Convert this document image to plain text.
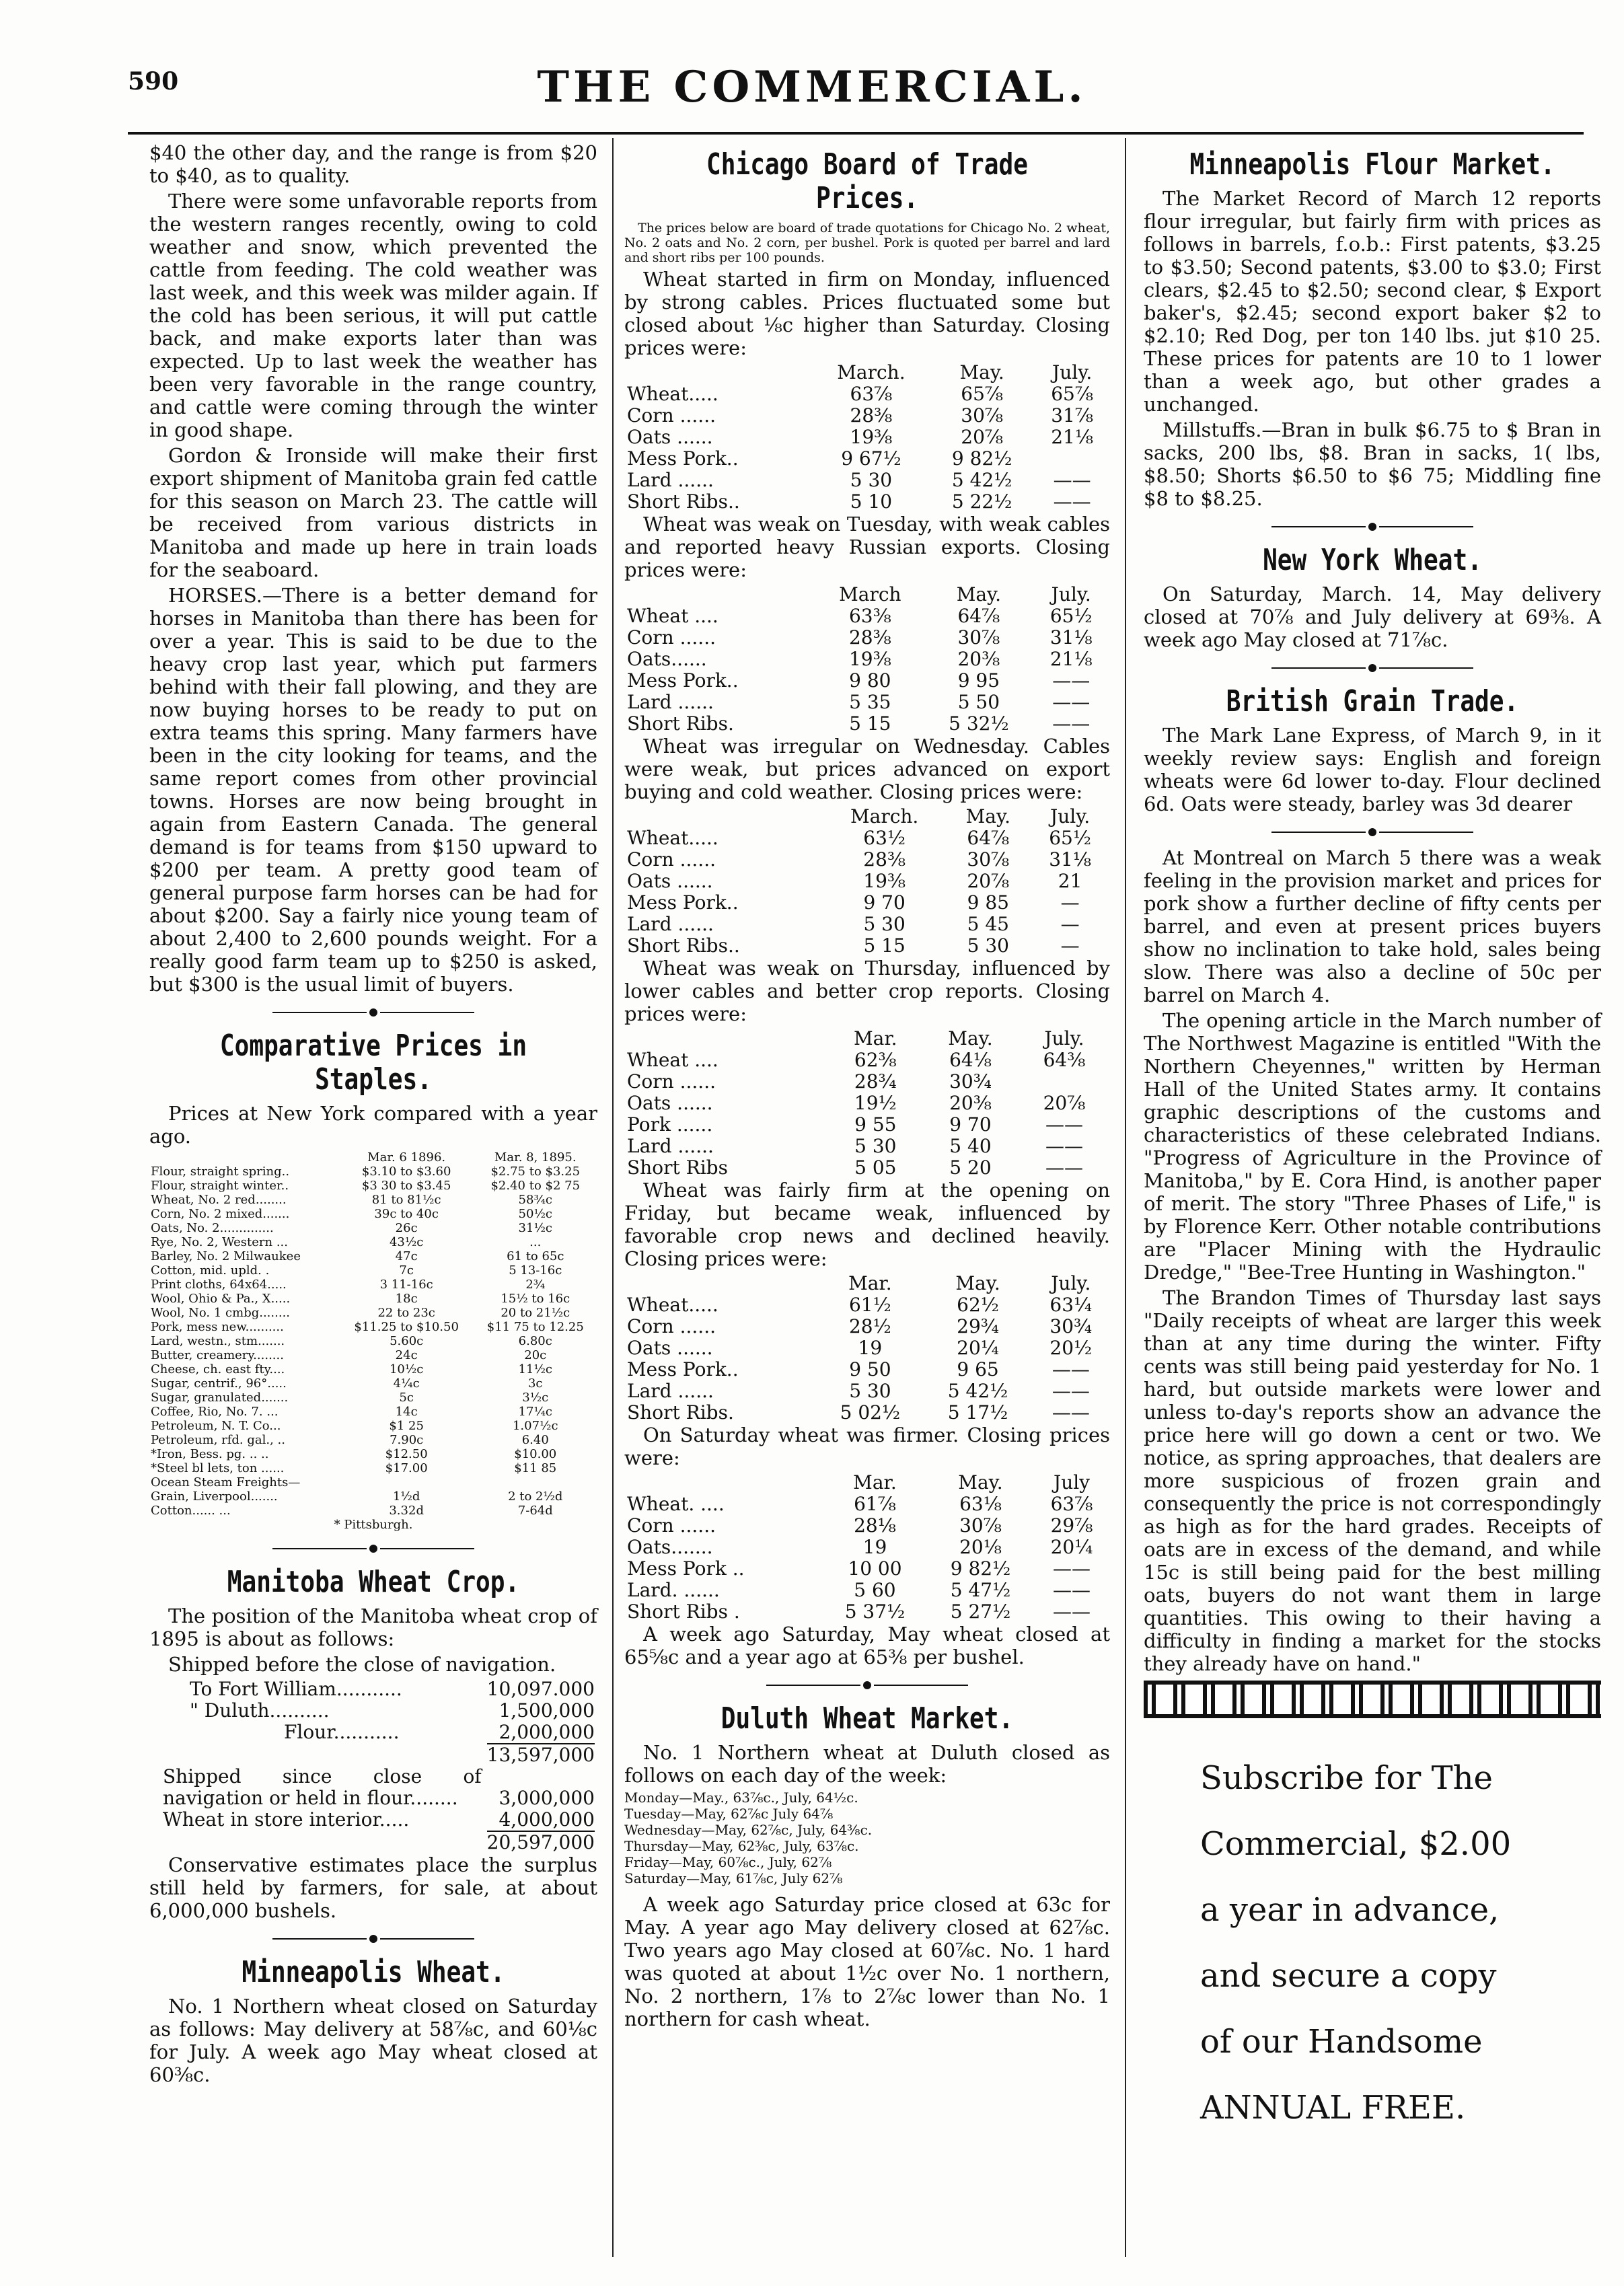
590	THE COMMERCIAL.

$40 the other day, and the range is from $20 to $40, as to quality.

There were some unfavorable reports from the western ranges recently, owing to cold weather and snow, which prevented the cattle from feeding. The cold weather was last week, and this week was milder again. If the cold has been serious, it will put cattle back, and make exports later than was expected. Up to last week the weather has been very favorable in the range country, and cattle were coming through the winter in good shape.

Gordon & Ironside will make their first export shipment of Manitoba grain fed cattle for this season on March 23. The cattle will be received from various districts in Manitoba and made up here in train loads for the seaboard.

HORSES.—There is a better demand for horses in Manitoba than there has been for over a year. This is said to be due to the heavy crop last year, which put farmers behind with their fall plowing, and they are now buying horses to be ready to put on extra teams this spring. Many farmers have been in the city looking for teams, and the same report comes from other provincial towns. Horses are now being brought in again from Eastern Canada. The general demand is for teams from $150 upward to $200 per team. A pretty good team of general purpose farm horses can be had for about $200. Say a fairly nice young team of about 2,400 to 2,600 pounds weight. For a really good farm team up to $250 is asked, but $300 is the usual limit of buyers.

Comparative Prices in Staples.

Prices at New York compared with a year ago.

	Mar. 6 1896.	Mar. 8, 1895.
Flour, straight spring..	$3.10 to $3.60	$2.75 to $3.25
Flour, straight winter..	$3 30 to $3.45	$2.40 to $2 75
Wheat, No. 2 red........	81 to 81½c	58¾c
Corn, No. 2 mixed.......	39c to 40c	50½c
Oats, No. 2..............	26c	31½c
Rye, No. 2, Western ...	43½c	...
Barley, No. 2 Milwaukee	47c	61 to 65c
Cotton, mid. upld. .	7c	5 13-16c
Print cloths, 64x64.....	3 11-16c	2¾
Wool, Ohio & Pa., X.....	18c	15½ to 16c
Wool, No. 1 cmbg........	22 to 23c	20 to 21½c
Pork, mess new..........	$11.25 to $10.50	$11 75 to 12.25
Lard, westn., stm.......	5.60c	6.80c
Butter, creamery........	24c	20c
Cheese, ch. east fty....	10½c	11½c
Sugar, centrif., 96°.....	4¼c	3c
Sugar, granulated.......	5c	3½c
Coffee, Rio, No. 7. ...	14c	17¼c
Petroleum, N. T. Co...	$1 25	1.07½c
Petroleum, rfd. gal., ..	7.90c	6.40
*Iron, Bess. pg. .. ..	$12.50	$10.00
*Steel bl lets, ton ......	$17.00	$11 85
Ocean Steam Freights—		
Grain, Liverpool.......	1½d	2 to 2½d
Cotton...... ...	3.32d	7-64d
* Pittsburgh.
Manitoba Wheat Crop.

The position of the Manitoba wheat crop of 1895 is about as follows:

Shipped before the close of navigation.

To Fort William...........	10,097.000
" Duluth..........	1,500,000
Flour...........	2,000,000
	13,597,000
Shipped since close of navigation or held in flour........	3,000,000
Wheat in store interior.....	4,000,000
	20,597,000

Conservative estimates place the surplus still held by farmers, for sale, at about 6,000,000 bushels.

Minneapolis Wheat.

No. 1 Northern wheat closed on Saturday as follows: May delivery at 58⅞c, and 60⅛c for July. A week ago May wheat closed at 60⅜c.

Chicago Board of Trade Prices.

The prices below are board of trade quotations for Chicago No. 2 wheat, No. 2 oats and No. 2 corn, per bushel. Pork is quoted per barrel and lard and short ribs per 100 pounds.

Wheat started in firm on Monday, influenced by strong cables. Prices fluctuated some but closed about ⅛c higher than Saturday. Closing prices were:

	March.	May.	July.
Wheat.....	63⅞	65⅞	65⅞
Corn ......	28⅜	30⅞	31⅞
Oats ......	19⅜	20⅞	21⅛
Mess Pork..	9 67½	9 82½	
Lard ......	5 30	5 42½	——
Short Ribs..	5 10	5 22½	——

Wheat was weak on Tuesday, with weak cables and reported heavy Russian exports. Closing prices were:

	March	May.	July.
Wheat ....	63⅜	64⅞	65½
Corn ......	28⅜	30⅞	31⅛
Oats......	19⅜	20⅜	21⅛
Mess Pork..	9 80	9 95	——
Lard ......	5 35	5 50	——
Short Ribs.	5 15	5 32½	——

Wheat was irregular on Wednesday. Cables were weak, but prices advanced on export buying and cold weather. Closing prices were:

	March.	May.	July.
Wheat.....	63½	64⅞	65½
Corn ......	28⅜	30⅞	31⅛
Oats ......	19⅜	20⅞	21
Mess Pork..	9 70	9 85	—
Lard ......	5 30	5 45	—
Short Ribs..	5 15	5 30	—

Wheat was weak on Thursday, influenced by lower cables and better crop reports. Closing prices were:

	Mar.	May.	July.
Wheat ....	62⅜	64⅛	64⅜
Corn ......	28¾	30¾	
Oats ......	19½	20⅜	20⅞
Pork ......	9 55	9 70	——
Lard ......	5 30	5 40	——
Short Ribs	5 05	5 20	——

Wheat was fairly firm at the opening on Friday, but became weak, influenced by favorable crop news and declined heavily. Closing prices were:

	Mar.	May.	July.
Wheat.....	61½	62½	63¼
Corn ......	28½	29¾	30¾
Oats ......	19	20¼	20½
Mess Pork..	9 50	9 65	——
Lard ......	5 30	5 42½	——
Short Ribs.	5 02½	5 17½	——

On Saturday wheat was firmer. Closing prices were:

	Mar.	May.	July
Wheat. ....	61⅞	63⅛	63⅞
Corn ......	28⅛	30⅞	29⅞
Oats.......	19	20⅛	20¼
Mess Pork ..	10 00	9 82½	——
Lard. ......	5 60	5 47½	——
Short Ribs .	5 37½	5 27½	——

A week ago Saturday, May wheat closed at 65⅝c and a year ago at 65⅜ per bushel.

Duluth Wheat Market.

No. 1 Northern wheat at Duluth closed as follows on each day of the week:

Monday—May., 63⅞c., July, 64½c.
Tuesday—May, 62⅞c July 64⅞
Wednesday—May, 62⅞c, July, 64⅜c.
Thursday—May, 62⅜c, July, 63⅞c.
Friday—May, 60⅞c., July, 62⅞
Saturday—May, 61⅞c, July 62⅞

A week ago Saturday price closed at 63c for May. A year ago May delivery closed at 62⅞c. Two years ago May closed at 60⅞c. No. 1 hard was quoted at about 1½c over No. 1 northern, No. 2 northern, 1⅞ to 2⅞c lower than No. 1 northern for cash wheat.

Minneapolis Flour Market.

The Market Record of March 12 reports flour irregular, but fairly firm with prices as follows in barrels, f.o.b.: First patents, $3.25 to $3.50; Second patents, $3.00 to $3.0; First clears, $2.45 to $2.50; second clear, $ Export baker's, $2.45; second export baker $2 to $2.10; Red Dog, per ton 140 lbs. jut $10 25. These prices for patents are 10 to 1 lower than a week ago, but other grades a unchanged.

Millstuffs.—Bran in bulk $6.75 to $ Bran in sacks, 200 lbs, $8. Bran in sacks, 1( lbs, $8.50; Shorts $6.50 to $6 75; Middling fine $8 to $8.25.

New York Wheat.

On Saturday, March. 14, May delivery closed at 70⅞ and July delivery at 69⅜. A week ago May closed at 71⅞c.

British Grain Trade.

The Mark Lane Express, of March 9, in it weekly review says: English and foreign wheats were 6d lower to-day. Flour declined 6d. Oats were steady, barley was 3d dearer

At Montreal on March 5 there was a weak feeling in the provision market and prices for pork show a further decline of fifty cents per barrel, and even at present prices buyers show no inclination to take hold, sales being slow. There was also a decline of 50c per barrel on March 4.

The opening article in the March number of The Northwest Magazine is entitled "With the Northern Cheyennes," written by Herman Hall of the United States army. It contains graphic descriptions of the customs and characteristics of these celebrated Indians. "Progress of Agriculture in the Province of Manitoba," by E. Cora Hind, is another paper of merit. The story "Three Phases of Life," is by Florence Kerr. Other notable contributions are "Placer Mining with the Hydraulic Dredge," "Bee-Tree Hunting in Washington."

The Brandon Times of Thursday last says "Daily receipts of wheat are larger this week than at any time during the winter. Fifty cents was still being paid yesterday for No. 1 hard, but outside markets were lower and unless to-day's reports show an advance the price here will go down a cent or two. We notice, as spring approaches, that dealers are more suspicious of frozen grain and consequently the price is not correspondingly as high as for the hard grades. Receipts of oats are in excess of the demand, and while 15c is still being paid for the best milling oats, buyers do not want them in large quantities. This owing to their having a difficulty in finding a market for the stocks they already have on hand."

Subscribe for The
Commercial, $2.00
a year in advance,
and secure a copy
of our Handsome
ANNUAL FREE.
